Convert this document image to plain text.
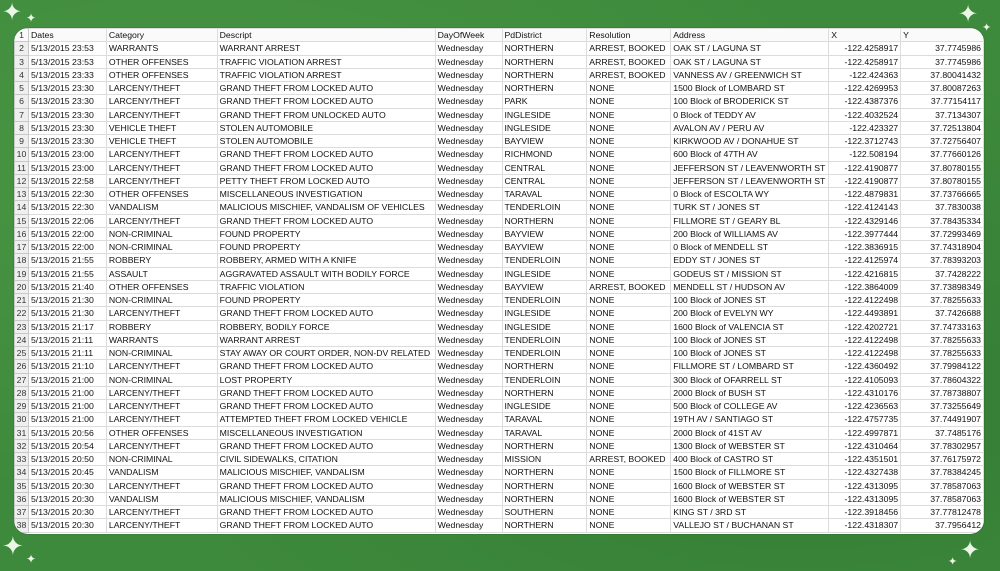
✦ ✦	✦ ✦
✦ ✦	✦
✦
1	Dates	Category	Descript	DayOfWeek	PdDistrict	Resolution	Address	X	Y
2	5/13/2015 23:53	WARRANTS	WARRANT ARREST	Wednesday	NORTHERN	ARREST, BOOKED	OAK ST / LAGUNA ST	-122.4258917	37.7745986
3	5/13/2015 23:53	OTHER OFFENSES	TRAFFIC VIOLATION ARREST	Wednesday	NORTHERN	ARREST, BOOKED	OAK ST / LAGUNA ST	-122.4258917	37.7745986
4	5/13/2015 23:33	OTHER OFFENSES	TRAFFIC VIOLATION ARREST	Wednesday	NORTHERN	ARREST, BOOKED	VANNESS AV / GREENWICH ST	-122.424363	37.80041432
5	5/13/2015 23:30	LARCENY/THEFT	GRAND THEFT FROM LOCKED AUTO	Wednesday	NORTHERN	NONE	1500 Block of LOMBARD ST	-122.4269953	37.80087263
6	5/13/2015 23:30	LARCENY/THEFT	GRAND THEFT FROM LOCKED AUTO	Wednesday	PARK	NONE	100 Block of BRODERICK ST	-122.4387376	37.77154117
7	5/13/2015 23:30	LARCENY/THEFT	GRAND THEFT FROM UNLOCKED AUTO	Wednesday	INGLESIDE	NONE	0 Block of TEDDY AV	-122.4032524	37.7134307
8	5/13/2015 23:30	VEHICLE THEFT	STOLEN AUTOMOBILE	Wednesday	INGLESIDE	NONE	AVALON AV / PERU AV	-122.423327	37.72513804
9	5/13/2015 23:30	VEHICLE THEFT	STOLEN AUTOMOBILE	Wednesday	BAYVIEW	NONE	KIRKWOOD AV / DONAHUE ST	-122.3712743	37.72756407
10	5/13/2015 23:00	LARCENY/THEFT	GRAND THEFT FROM LOCKED AUTO	Wednesday	RICHMOND	NONE	600 Block of 47TH AV	-122.508194	37.77660126
11	5/13/2015 23:00	LARCENY/THEFT	GRAND THEFT FROM LOCKED AUTO	Wednesday	CENTRAL	NONE	JEFFERSON ST / LEAVENWORTH ST	-122.4190877	37.80780155
12	5/13/2015 22:58	LARCENY/THEFT	PETTY THEFT FROM LOCKED AUTO	Wednesday	CENTRAL	NONE	JEFFERSON ST / LEAVENWORTH ST	-122.4190877	37.80780155
13	5/13/2015 22:30	OTHER OFFENSES	MISCELLANEOUS INVESTIGATION	Wednesday	TARAVAL	NONE	0 Block of ESCOLTA WY	-122.4879831	37.73766665
14	5/13/2015 22:30	VANDALISM	MALICIOUS MISCHIEF, VANDALISM OF VEHICLES	Wednesday	TENDERLOIN	NONE	TURK ST / JONES ST	-122.4124143	37.7830038
15	5/13/2015 22:06	LARCENY/THEFT	GRAND THEFT FROM LOCKED AUTO	Wednesday	NORTHERN	NONE	FILLMORE ST / GEARY BL	-122.4329146	37.78435334
16	5/13/2015 22:00	NON-CRIMINAL	FOUND PROPERTY	Wednesday	BAYVIEW	NONE	200 Block of WILLIAMS AV	-122.3977444	37.72993469
17	5/13/2015 22:00	NON-CRIMINAL	FOUND PROPERTY	Wednesday	BAYVIEW	NONE	0 Block of MENDELL ST	-122.3836915	37.74318904
18	5/13/2015 21:55	ROBBERY	ROBBERY, ARMED WITH A KNIFE	Wednesday	TENDERLOIN	NONE	EDDY ST / JONES ST	-122.4125974	37.78393203
19	5/13/2015 21:55	ASSAULT	AGGRAVATED ASSAULT WITH BODILY FORCE	Wednesday	INGLESIDE	NONE	GODEUS ST / MISSION ST	-122.4216815	37.7428222
20	5/13/2015 21:40	OTHER OFFENSES	TRAFFIC VIOLATION	Wednesday	BAYVIEW	ARREST, BOOKED	MENDELL ST / HUDSON AV	-122.3864009	37.73898349
21	5/13/2015 21:30	NON-CRIMINAL	FOUND PROPERTY	Wednesday	TENDERLOIN	NONE	100 Block of JONES ST	-122.4122498	37.78255633
22	5/13/2015 21:30	LARCENY/THEFT	GRAND THEFT FROM LOCKED AUTO	Wednesday	INGLESIDE	NONE	200 Block of EVELYN WY	-122.4493891	37.7426688
23	5/13/2015 21:17	ROBBERY	ROBBERY, BODILY FORCE	Wednesday	INGLESIDE	NONE	1600 Block of VALENCIA ST	-122.4202721	37.74733163
24	5/13/2015 21:11	WARRANTS	WARRANT ARREST	Wednesday	TENDERLOIN	NONE	100 Block of JONES ST	-122.4122498	37.78255633
25	5/13/2015 21:11	NON-CRIMINAL	STAY AWAY OR COURT ORDER, NON-DV RELATED	Wednesday	TENDERLOIN	NONE	100 Block of JONES ST	-122.4122498	37.78255633
26	5/13/2015 21:10	LARCENY/THEFT	GRAND THEFT FROM LOCKED AUTO	Wednesday	NORTHERN	NONE	FILLMORE ST / LOMBARD ST	-122.4360492	37.79984122
27	5/13/2015 21:00	NON-CRIMINAL	LOST PROPERTY	Wednesday	TENDERLOIN	NONE	300 Block of OFARRELL ST	-122.4105093	37.78604322
28	5/13/2015 21:00	LARCENY/THEFT	GRAND THEFT FROM LOCKED AUTO	Wednesday	NORTHERN	NONE	2000 Block of BUSH ST	-122.4310176	37.78738807
29	5/13/2015 21:00	LARCENY/THEFT	GRAND THEFT FROM LOCKED AUTO	Wednesday	INGLESIDE	NONE	500 Block of COLLEGE AV	-122.4236563	37.73255649
30	5/13/2015 21:00	LARCENY/THEFT	ATTEMPTED THEFT FROM LOCKED VEHICLE	Wednesday	TARAVAL	NONE	19TH AV / SANTIAGO ST	-122.4757735	37.74491907
31	5/13/2015 20:56	OTHER OFFENSES	MISCELLANEOUS INVESTIGATION	Wednesday	TARAVAL	NONE	2000 Block of 41ST AV	-122.4997871	37.7485176
32	5/13/2015 20:54	LARCENY/THEFT	GRAND THEFT FROM LOCKED AUTO	Wednesday	NORTHERN	NONE	1300 Block of WEBSTER ST	-122.4310464	37.78302957
33	5/13/2015 20:50	NON-CRIMINAL	CIVIL SIDEWALKS, CITATION	Wednesday	MISSION	ARREST, BOOKED	400 Block of CASTRO ST	-122.4351501	37.76175972
34	5/13/2015 20:45	VANDALISM	MALICIOUS MISCHIEF, VANDALISM	Wednesday	NORTHERN	NONE	1500 Block of FILLMORE ST	-122.4327438	37.78384245
35	5/13/2015 20:30	LARCENY/THEFT	GRAND THEFT FROM LOCKED AUTO	Wednesday	NORTHERN	NONE	1600 Block of WEBSTER ST	-122.4313095	37.78587063
36	5/13/2015 20:30	VANDALISM	MALICIOUS MISCHIEF, VANDALISM	Wednesday	NORTHERN	NONE	1600 Block of WEBSTER ST	-122.4313095	37.78587063
37	5/13/2015 20:30	LARCENY/THEFT	GRAND THEFT FROM LOCKED AUTO	Wednesday	SOUTHERN	NONE	KING ST / 3RD ST	-122.3918456	37.77812478
38	5/13/2015 20:30	LARCENY/THEFT	GRAND THEFT FROM LOCKED AUTO	Wednesday	NORTHERN	NONE	VALLEJO ST / BUCHANAN ST	-122.4318307	37.7956412
